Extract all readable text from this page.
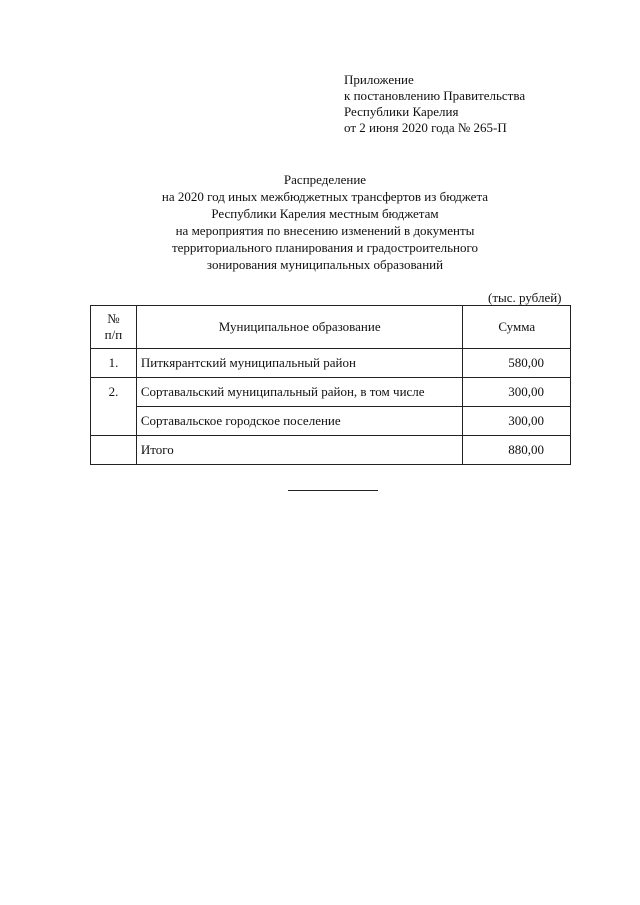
Приложение
к постановлению Правительства
Республики Карелия
от 2 июня 2020 года № 265-П
Распределение
на 2020 год иных межбюджетных трансфертов из бюджета
Республики Карелия местным бюджетам
на мероприятия по внесению изменений в документы
территориального планирования и градостроительного
зонирования муниципальных образований
(тыс. рублей)
№
п/п	Муниципальное образование	Сумма
1.	Питкярантский муниципальный район	580,00
2.	Сортавальский муниципальный район, в том числе	300,00
	Сортавальское городское поселение	300,00
	Итого	880,00
